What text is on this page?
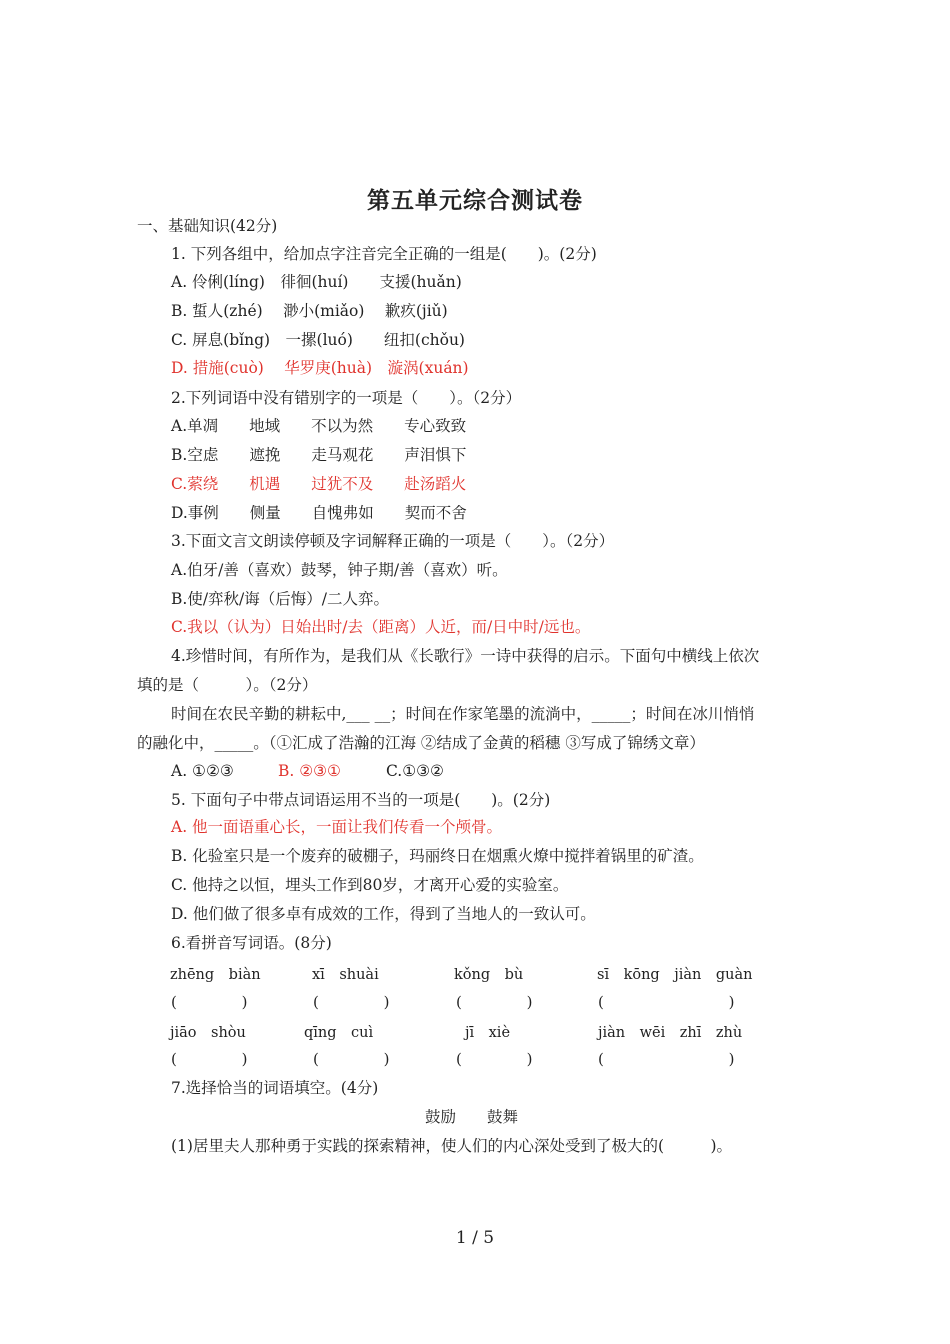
第五单元综合测试卷
一、基础知识(42分)
1. 下列各组中，给加点字注音完全正确的一组是(　　)。(2分)
A. 伶俐(líng)　徘徊(huí)　　支援(huǎn)
B. 蜇人(zhé)　 渺小(miǎo)　 歉疚(jiǔ)
C. 屏息(bǐng)　一摞(luó)　　纽扣(chǒu)
D. 措施(cuò)　 华罗庚(huà)　漩涡(xuán)
2.下列词语中没有错别字的一项是（　　）。（2分）
A.单凋　　地域　　不以为然　　专心致致
B.空虑　　遮挽　　走马观花　　声泪惧下
C.萦绕　　机遇　　过犹不及　　赴汤蹈火
D.事例　　侧量　　自愧弗如　　契而不舍
3.下面文言文朗读停顿及字词解释正确的一项是（　　）。（2分）
A.伯牙/善（喜欢）鼓琴，钟子期/善（喜欢）听。
B.使/弈秋/诲（后悔）/二人弈。
C.我以（认为）日始出时/去（距离）人近，而/日中时/远也。
4.珍惜时间，有所作为，是我们从《长歌行》一诗中获得的启示。下面句中横线上依次
填的是（　　　）。（2分）
时间在农民辛勤的耕耘中,___ __；时间在作家笔墨的流淌中，_____；时间在冰川悄悄
的融化中，_____。（①汇成了浩瀚的江海 ②结成了金黄的稻穗 ③写成了锦绣文章）
A. ①②③	B. ②③①	C.①③②
5. 下面句子中带点词语运用不当的一项是(　　)。(2分)
A. 他一面语重心长，一面让我们传看一个颅骨。
B. 化验室只是一个废弃的破棚子，玛丽终日在烟熏火燎中搅拌着锅里的矿渣。
C. 他持之以恒，埋头工作到80岁，才离开心爱的实验室。
D. 他们做了很多卓有成效的工作，得到了当地人的一致认可。
6.看拼音写词语。(8分)
zhēng　biàn	xī　shuài	kǒng　bù	sī　kōng　jiàn　guàn
(　　　　 )	(　　　　 )	(　　　　 )	(　　　　　　　　 )
jiāo　shòu	qīng　cuì	jī　xiè	jiàn　wēi　zhī　zhù
(　　　　 )	(　　　　 )	(　　　　 )	(　　　　　　　　 )
7.选择恰当的词语填空。(4分)
鼓励　　鼓舞
(1)居里夫人那种勇于实践的探索精神，使人们的内心深处受到了极大的(　　　)。
1 / 5
